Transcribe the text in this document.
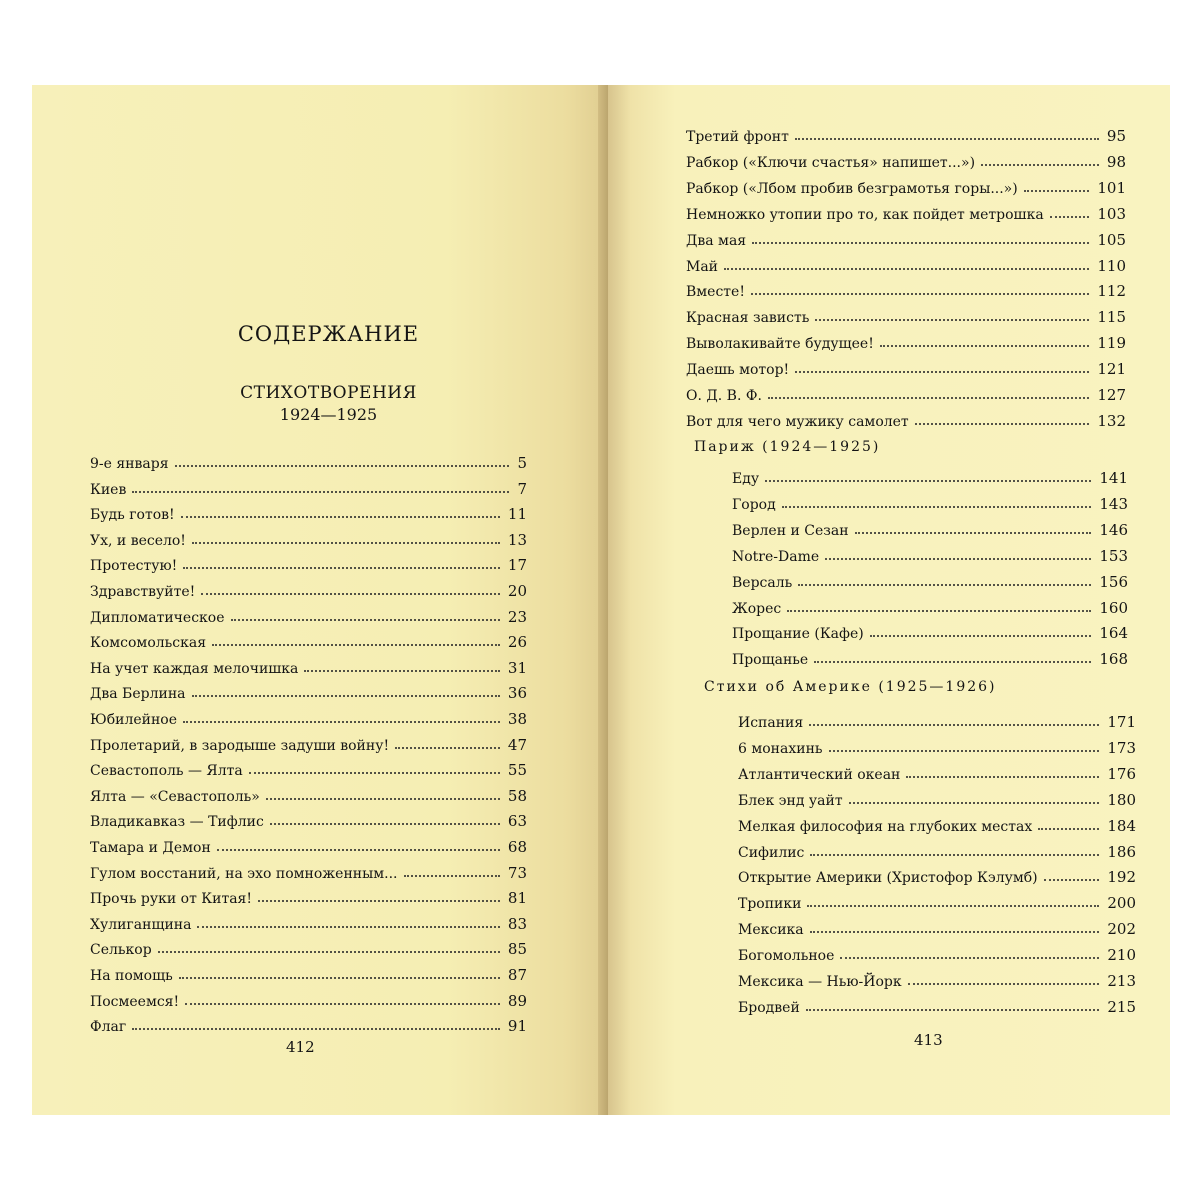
СОДЕРЖАНИЕ
СТИХОТВОРЕНИЯ
1924—1925
9-е января	5
Киев	7
Будь готов!	11
Ух, и весело!	13
Протестую!	17
Здравствуйте!	20
Дипломатическое	23
Комсомольская	26
На учет каждая мелочишка	31
Два Берлина	36
Юбилейное	38
Пролетарий, в зародыше задуши войну!	47
Севастополь — Ялта	55
Ялта — «Севастополь»	58
Владикавказ — Тифлис	63
Тамара и Демон	68
Гулом восстаний, на эхо помноженным...	73
Прочь руки от Китая!	81
Хулиганщина	83
Селькор	85
На помощь	87
Посмеемся!	89
Флаг	91
412
Третий фронт	95
Рабкор («Ключи счастья» напишет...»)	98
Рабкор («Лбом пробив безграмотья горы...»)	101
Немножко утопии про то, как пойдет метрошка	103
Два мая	105
Май	110
Вместе!	112
Красная зависть	115
Выволакивайте будущее!	119
Даешь мотор!	121
О. Д. В. Ф.	127
Вот для чего мужику самолет	132
Париж (1924—1925)
Еду	141
Город	143
Верлен и Сезан	146
Notre-Dame	153
Версаль	156
Жорес	160
Прощание (Кафе)	164
Прощанье	168
Стихи об Америке (1925—1926)
Испания	171
6 монахинь	173
Атлантический океан	176
Блек энд уайт	180
Мелкая философия на глубоких местах	184
Сифилис	186
Открытие Америки (Христофор Кэлумб)	192
Тропики	200
Мексика	202
Богомольное	210
Мексика — Нью-Йорк	213
Бродвей	215
413
